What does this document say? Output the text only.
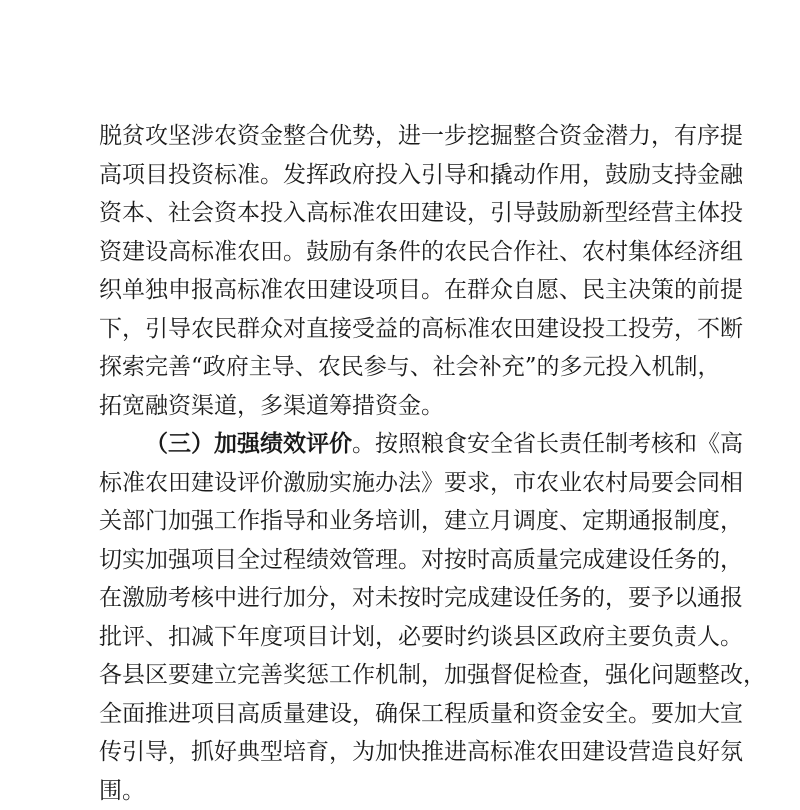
脱贫攻坚涉农资金整合优势，进一步挖掘整合资金潜力，有序提
高项目投资标准。发挥政府投入引导和撬动作用，鼓励支持金融
资本、社会资本投入高标准农田建设，引导鼓励新型经营主体投
资建设高标准农田。鼓励有条件的农民合作社、农村集体经济组
织单独申报高标准农田建设项目。在群众自愿、民主决策的前提
下，引导农民群众对直接受益的高标准农田建设投工投劳，不断
探索完善“政府主导、农民参与、社会补充”的多元投入机制，
拓宽融资渠道，多渠道筹措资金。
（三）加强绩效评价。按照粮食安全省长责任制考核和《高
标准农田建设评价激励实施办法》要求，市农业农村局要会同相
关部门加强工作指导和业务培训，建立月调度、定期通报制度，
切实加强项目全过程绩效管理。对按时高质量完成建设任务的，
在激励考核中进行加分，对未按时完成建设任务的，要予以通报
批评、扣减下年度项目计划，必要时约谈县区政府主要负责人。
各县区要建立完善奖惩工作机制，加强督促检查，强化问题整改，
全面推进项目高质量建设，确保工程质量和资金安全。要加大宣
传引导，抓好典型培育，为加快推进高标准农田建设营造良好氛
围。
